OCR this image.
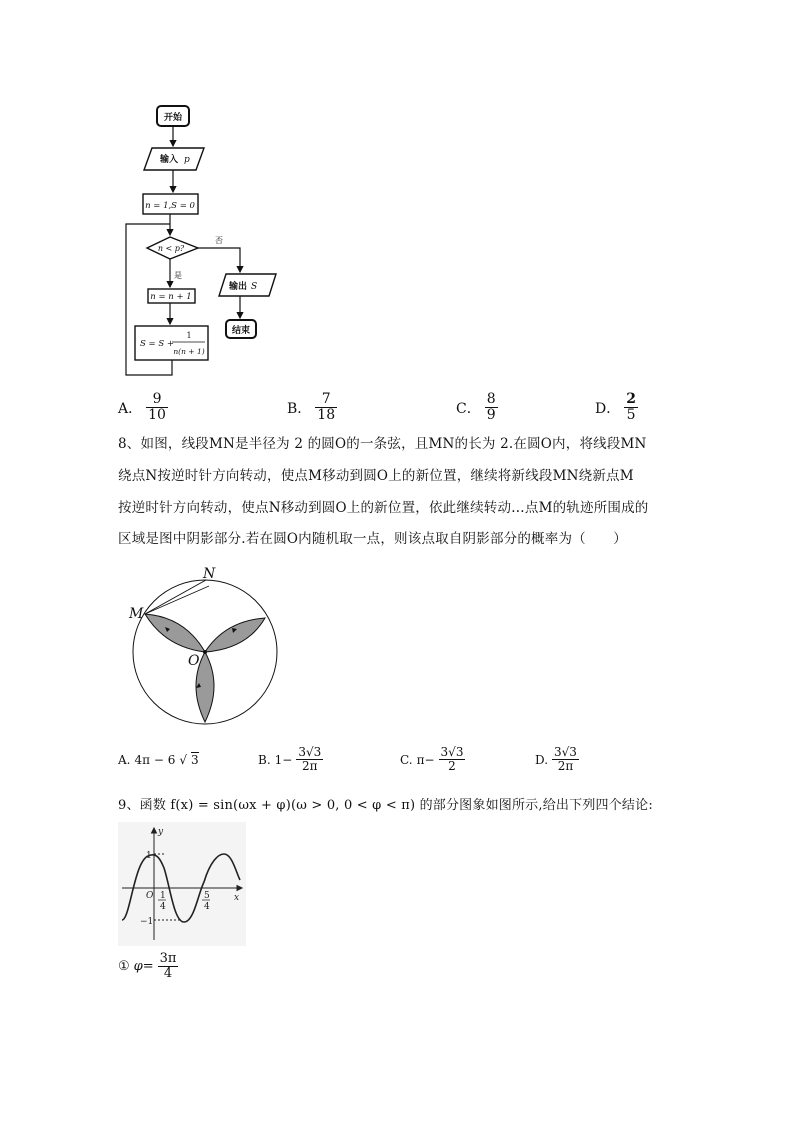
开始
输入 p
n = 1,S = 0
n < p?
否
是
n = n + 1
S = S +
1
n(n + 1)
输出 S
结束
A． $\frac{9}{10}$	B． $\frac{7}{18}$	C． $\frac{8}{9}$	D． $\frac{2}{5}$
8、如图，线段MN是半径为 2 的圆O的一条弦，且MN的长为 2.在圆O内，将线段MN
绕点N按逆时针方向转动，使点M移动到圆O上的新位置，继续将新线段MN绕新点M
按逆时针方向转动，使点N移动到圆O上的新位置，依此继续转动…点M的轨迹所围成的
区域是图中阴影部分.若在圆O内随机取一点，则该点取自阴影部分的概率为（　　）
N
M
O
A. 4π − 6 √ 3	B. $1- \frac{3√3}{2\pi}$	C. $\pi- \frac{3√3}{2}$	D. $\frac{3√3}{2\pi}$
9、函数 f(x) = sin(ωx + φ)(ω > 0, 0 < φ < π) 的部分图象如图所示,给出下列四个结论:
y
x
O
1
−1
1
4
5
4
① $\varphi= \frac{3\pi}{4}$
